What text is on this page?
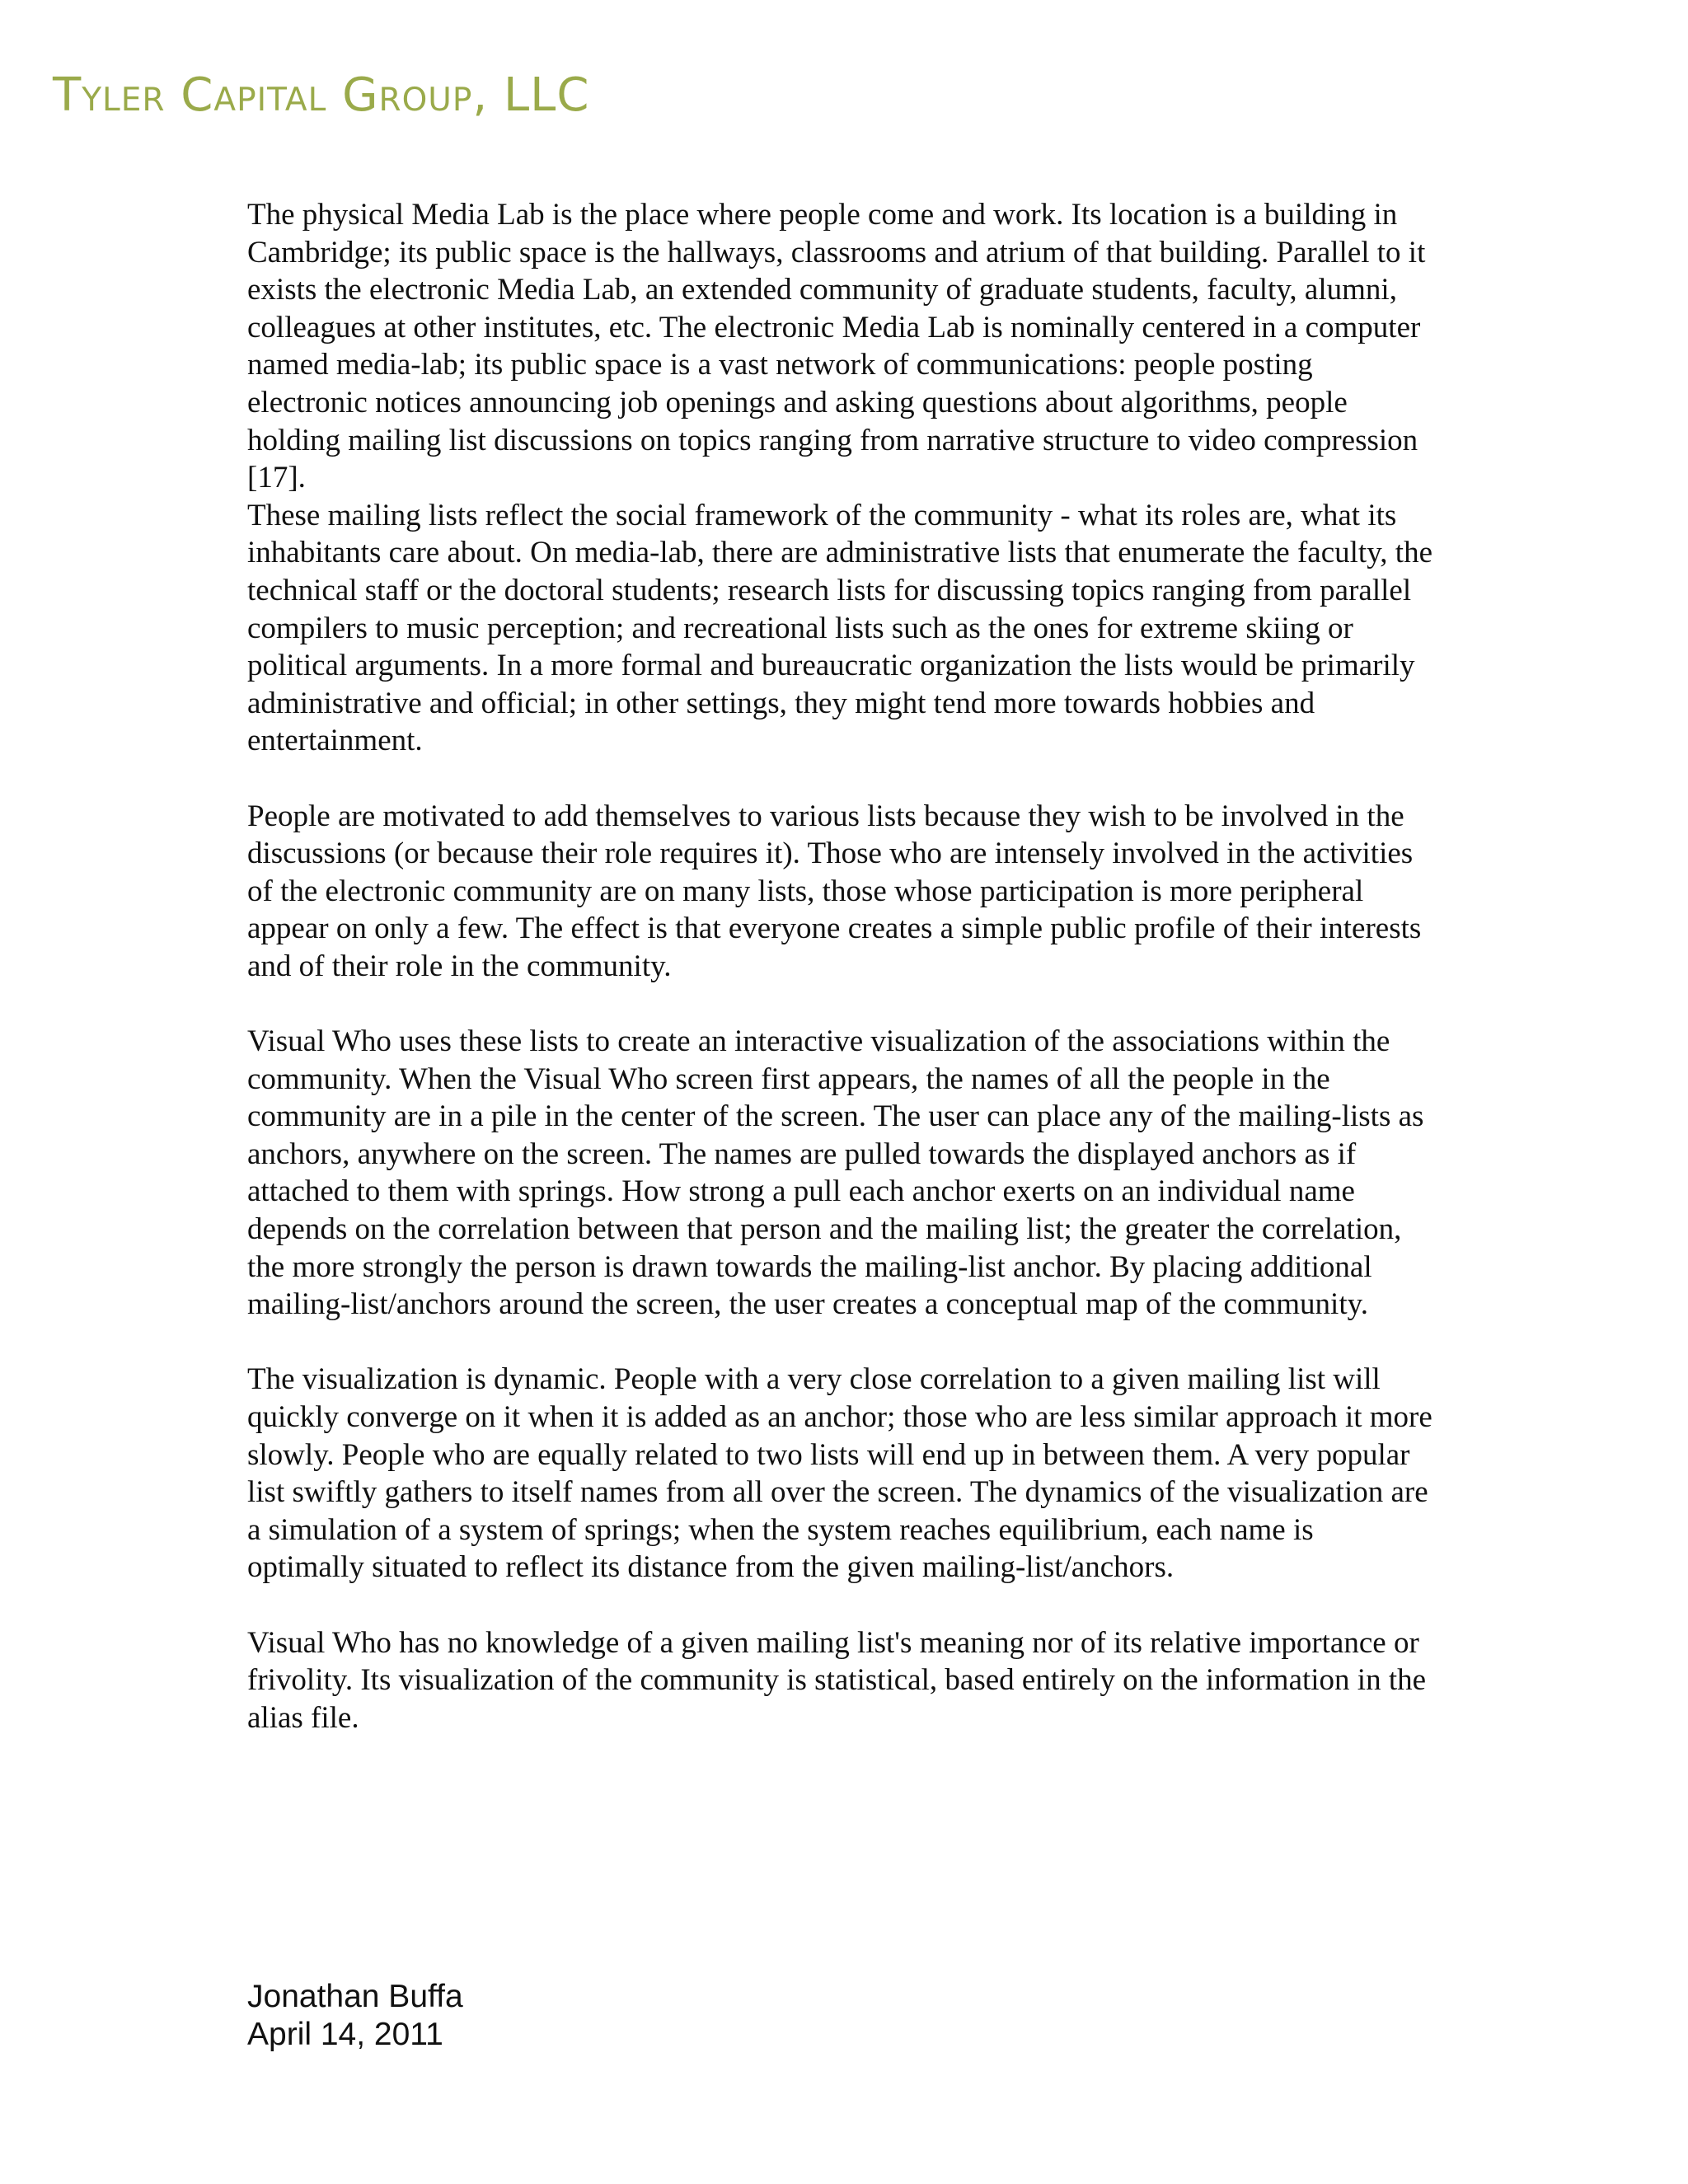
Tyler Capital Group, LLC

The physical Media Lab is the place where people come and work. Its location is a building in Cambridge; its public space is the hallways, classrooms and atrium of that building. Parallel to it exists the electronic Media Lab, an extended community of graduate students, faculty, alumni, colleagues at other institutes, etc. The electronic Media Lab is nominally centered in a computer named media-lab; its public space is a vast network of communications: people posting electronic notices announcing job openings and asking questions about algorithms, people holding mailing list discussions on topics ranging from narrative structure to video compression [17].

These mailing lists reflect the social framework of the community - what its roles are, what its inhabitants care about. On media-lab, there are administrative lists that enumerate the faculty, the technical staff or the doctoral students; research lists for discussing topics ranging from parallel compilers to music perception; and recreational lists such as the ones for extreme skiing or political arguments. In a more formal and bureaucratic organization the lists would be primarily administrative and official; in other settings, they might tend more towards hobbies and entertainment.

People are motivated to add themselves to various lists because they wish to be involved in the discussions (or because their role requires it). Those who are intensely involved in the activities of the electronic community are on many lists, those whose participation is more peripheral appear on only a few. The effect is that everyone creates a simple public profile of their interests and of their role in the community.

Visual Who uses these lists to create an interactive visualization of the associations within the community. When the Visual Who screen first appears, the names of all the people in the community are in a pile in the center of the screen. The user can place any of the mailing-lists as anchors, anywhere on the screen. The names are pulled towards the displayed anchors as if attached to them with springs. How strong a pull each anchor exerts on an individual name depends on the correlation between that person and the mailing list; the greater the correlation, the more strongly the person is drawn towards the mailing-list anchor. By placing additional mailing-list/anchors around the screen, the user creates a conceptual map of the community.

The visualization is dynamic. People with a very close correlation to a given mailing list will quickly converge on it when it is added as an anchor; those who are less similar approach it more slowly. People who are equally related to two lists will end up in between them. A very popular list swiftly gathers to itself names from all over the screen. The dynamics of the visualization are a simulation of a system of springs; when the system reaches equilibrium, each name is optimally situated to reflect its distance from the given mailing-list/anchors.

Visual Who has no knowledge of a given mailing list's meaning nor of its relative importance or frivolity. Its visualization of the community is statistical, based entirely on the information in the alias file.

Jonathan Buffa
April 14, 2011
